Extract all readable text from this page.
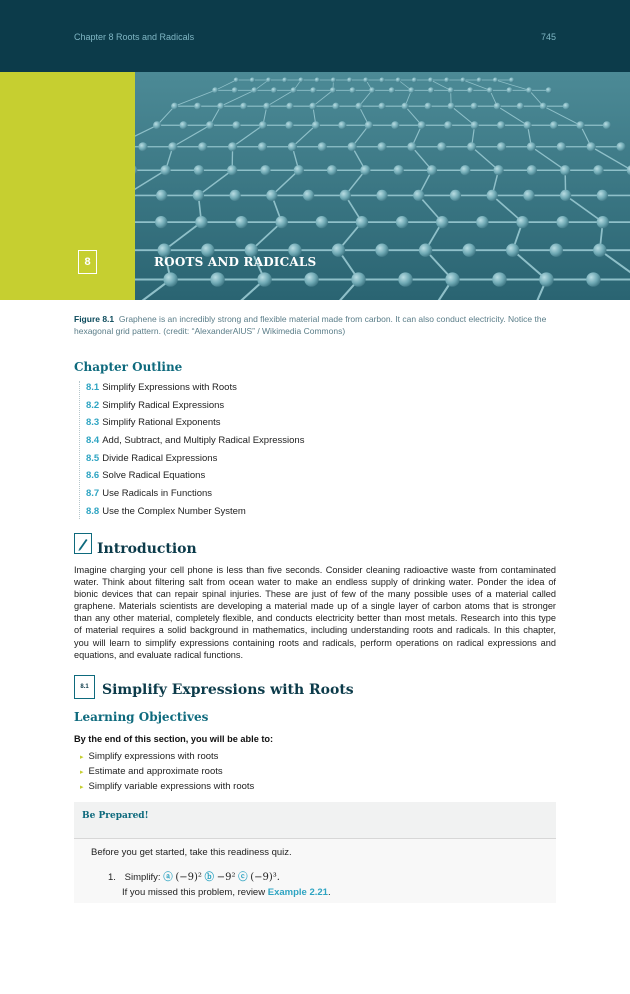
Chapter 8 Roots and Radicals	745
8	ROOTS AND RADICALS
Figure 8.1 Graphene is an incredibly strong and flexible material made from carbon. It can also conduct electricity. Notice the hexagonal grid pattern. (credit: “AlexanderAlUS” / Wikimedia Commons)
Chapter Outline
8.1 Simplify Expressions with Roots
8.2 Simplify Radical Expressions
8.3 Simplify Rational Exponents
8.4 Add, Subtract, and Multiply Radical Expressions
8.5 Divide Radical Expressions
8.6 Solve Radical Equations
8.7 Use Radicals in Functions
8.8 Use the Complex Number System
Introduction
Imagine charging your cell phone is less than five seconds. Consider cleaning radioactive waste from contaminated water. Think about filtering salt from ocean water to make an endless supply of drinking water. Ponder the idea of bionic devices that can repair spinal injuries. These are just of few of the many possible uses of a material called graphene. Materials scientists are developing a material made up of a single layer of carbon atoms that is stronger than any other material, completely flexible, and conducts electricity better than most metals. Research into this type of material requires a solid background in mathematics, including understanding roots and radicals. In this chapter, you will learn to simplify expressions containing roots and radicals, perform operations on radical expressions and equations, and evaluate radical functions.
8.1 Simplify Expressions with Roots
Learning Objectives
By the end of this section, you will be able to:
▸ Simplify expressions with roots
▸ Estimate and approximate roots
▸ Simplify variable expressions with roots
Be Prepared!
Before you get started, take this readiness quiz.
1. Simplify: ⓐ (−9)² ⓑ −9² ⓒ (−9)³.
If you missed this problem, review Example 2.21.
